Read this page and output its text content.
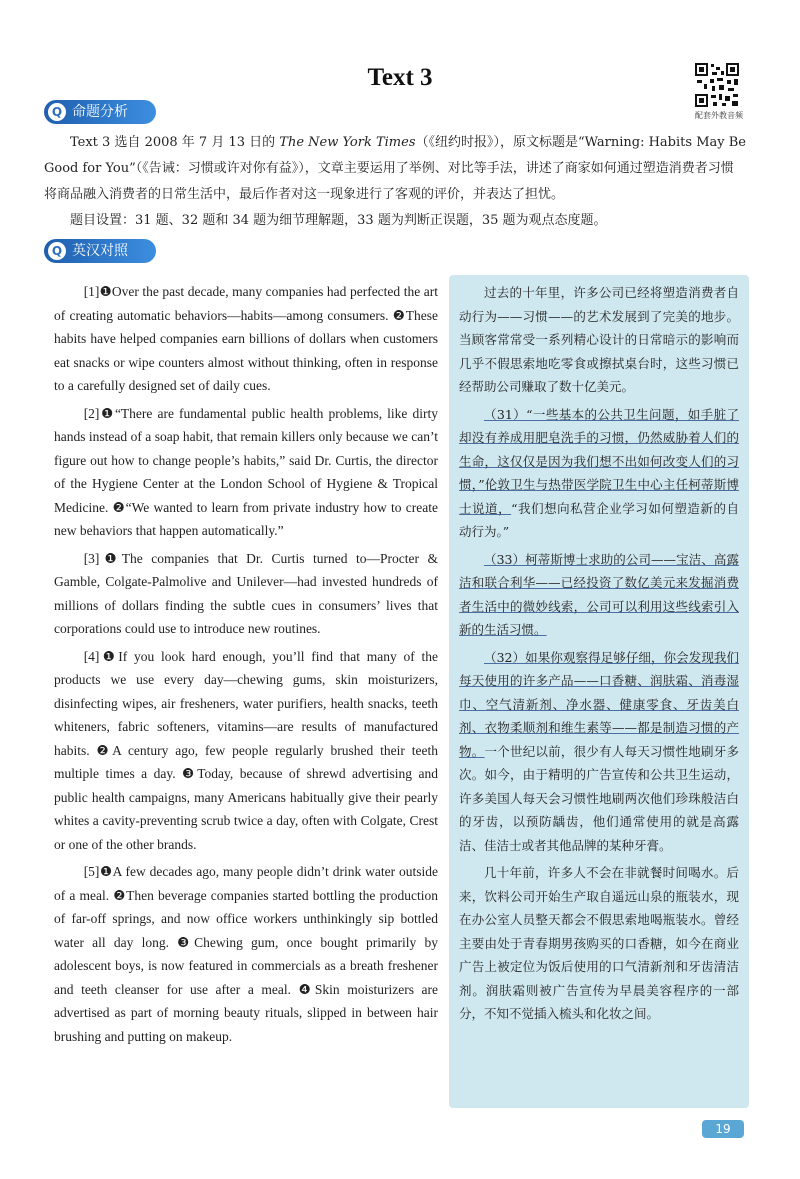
Text 3
配套外教音频
Q 命题分析

Text 3 选自 2008 年 7 月 13 日的 The New York Times（《纽约时报》），原文标题是“Warning: Habits May Be Good for You”（《告诫：习惯或许对你有益》），文章主要运用了举例、对比等手法，讲述了商家如何通过塑造消费者习惯将商品融入消费者的日常生活中，最后作者对这一现象进行了客观的评价，并表达了担忧。

题目设置：31 题、32 题和 34 题为细节理解题，33 题为判断正误题，35 题为观点态度题。

Q 英汉对照

[1]❶Over the past decade, many companies had perfected the art of creating automatic behaviors—habits—among consumers. ❷These habits have helped companies earn billions of dollars when customers eat snacks or wipe counters almost without thinking, often in response to a carefully designed set of daily cues.

[2]❶“There are fundamental public health problems, like dirty hands instead of a soap habit, that remain killers only because we can’t figure out how to change people’s habits,” said Dr. Curtis, the director of the Hygiene Center at the London School of Hygiene & Tropical Medicine. ❷“We wanted to learn from private industry how to create new behaviors that happen automatically.”

[3]❶The companies that Dr. Curtis turned to—Procter & Gamble, Colgate-Palmolive and Unilever—had invested hundreds of millions of dollars finding the subtle cues in consumers’ lives that corporations could use to introduce new routines.

[4]❶If you look hard enough, you’ll find that many of the products we use every day—chewing gums, skin moisturizers, disinfecting wipes, air fresheners, water purifiers, health snacks, teeth whiteners, fabric softeners, vitamins—are results of manufactured habits. ❷A century ago, few people regularly brushed their teeth multiple times a day. ❸Today, because of shrewd advertising and public health campaigns, many Americans habitually give their pearly whites a cavity-preventing scrub twice a day, often with Colgate, Crest or one of the other brands.

[5]❶A few decades ago, many people didn’t drink water outside of a meal. ❷Then beverage companies started bottling the production of far-off springs, and now office workers unthinkingly sip bottled water all day long. ❸Chewing gum, once bought primarily by adolescent boys, is now featured in commercials as a breath freshener and teeth cleanser for use after a meal. ❹Skin moisturizers are advertised as part of morning beauty rituals, slipped in between hair brushing and putting on makeup.

过去的十年里，许多公司已经将塑造消费者自动行为——习惯——的艺术发展到了完美的地步。当顾客常常受一系列精心设计的日常暗示的影响而几乎不假思索地吃零食或擦拭桌台时，这些习惯已经帮助公司赚取了数十亿美元。

（31）“一些基本的公共卫生问题，如手脏了却没有养成用肥皂洗手的习惯，仍然威胁着人们的生命，这仅仅是因为我们想不出如何改变人们的习惯，”伦敦卫生与热带医学院卫生中心主任柯蒂斯博士说道，“我们想向私营企业学习如何塑造新的自动行为。”

（33）柯蒂斯博士求助的公司——宝洁、高露洁和联合利华——已经投资了数亿美元来发掘消费者生活中的微妙线索，公司可以利用这些线索引入新的生活习惯。

（32）如果你观察得足够仔细，你会发现我们每天使用的许多产品——口香糖、润肤霜、消毒湿巾、空气清新剂、净水器、健康零食、牙齿美白剂、衣物柔顺剂和维生素等——都是制造习惯的产物。一个世纪以前，很少有人每天习惯性地刷牙多次。如今，由于精明的广告宣传和公共卫生运动，许多美国人每天会习惯性地刷两次他们珍珠般洁白的牙齿，以预防龋齿，他们通常使用的就是高露洁、佳洁士或者其他品牌的某种牙膏。

几十年前，许多人不会在非就餐时间喝水。后来，饮料公司开始生产取自遥远山泉的瓶装水，现在办公室人员整天都会不假思索地喝瓶装水。曾经主要由处于青春期男孩购买的口香糖，如今在商业广告上被定位为饭后使用的口气清新剂和牙齿清洁剂。润肤霜则被广告宣传为早晨美容程序的一部分，不知不觉插入梳头和化妆之间。

19
